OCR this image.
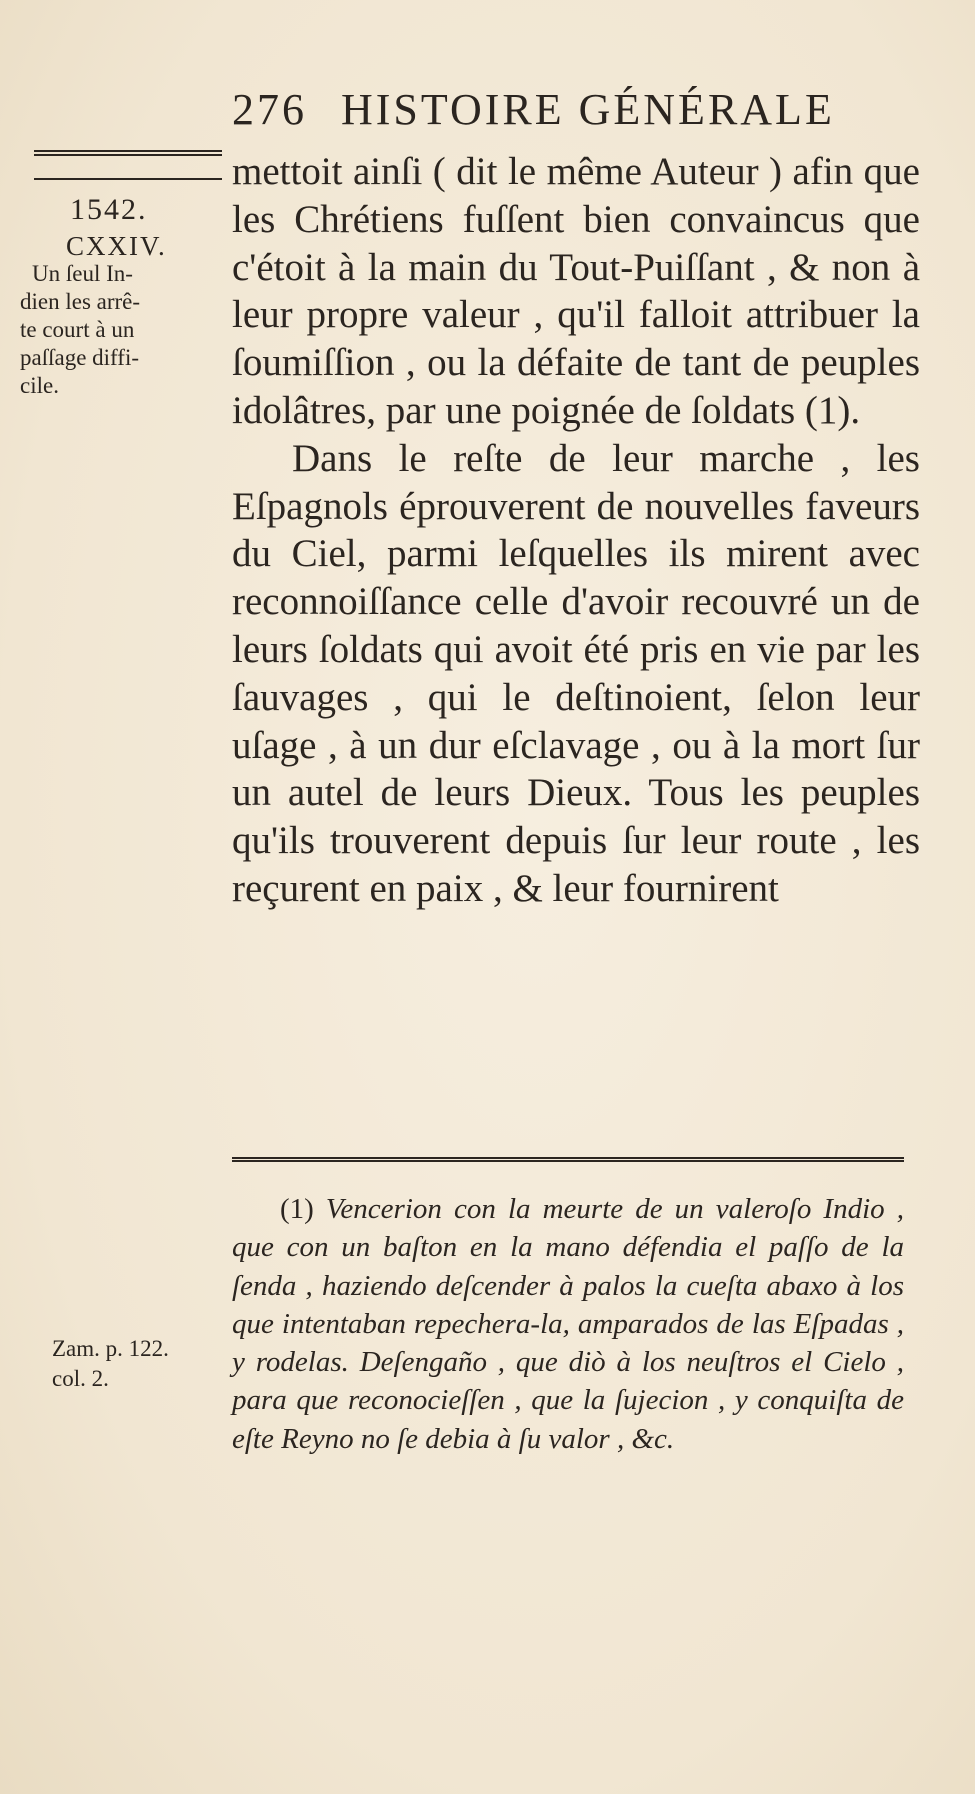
276 HISTOIRE GÉNÉRALE
1542.
CXXIV.
Un ſeul In-
dien les arrê-
te court à un
paſſage diffi-
cile.

mettoit ainſi ( dit le même Auteur ) afin que les Chrétiens fuſſent bien convaincus que c'étoit à la main du Tout-Puiſſant , & non à leur propre valeur , qu'il falloit attribuer la ſoumiſſion , ou la défaite de tant de peuples idolâtres, par une poignée de ſoldats (1).

Dans le reſte de leur marche , les Eſpagnols éprouverent de nouvelles faveurs du Ciel, parmi leſquelles ils mirent avec reconnoiſſance celle d'avoir recouvré un de leurs ſoldats qui avoit été pris en vie par les ſauvages , qui le deſtinoient, ſelon leur uſage , à un dur eſclavage , ou à la mort ſur un autel de leurs Dieux. Tous les peuples qu'ils trouverent depuis ſur leur route , les reçurent en paix , & leur fournirent

(1) Vencerion con la meurte de un valeroſo Indio , que con un baſton en la mano défendia el paſſo de la ſenda , haziendo deſcender à palos la cueſta abaxo à los que intentaban repechera-la, amparados de las Eſpadas , y rodelas. Deſengaño , que diò à los neuſtros el Cielo , para que reconocieſſen , que la ſujecion , y conquiſta de eſte Reyno no ſe debia à ſu valor , &c.
Zam. p. 122.
col. 2.
